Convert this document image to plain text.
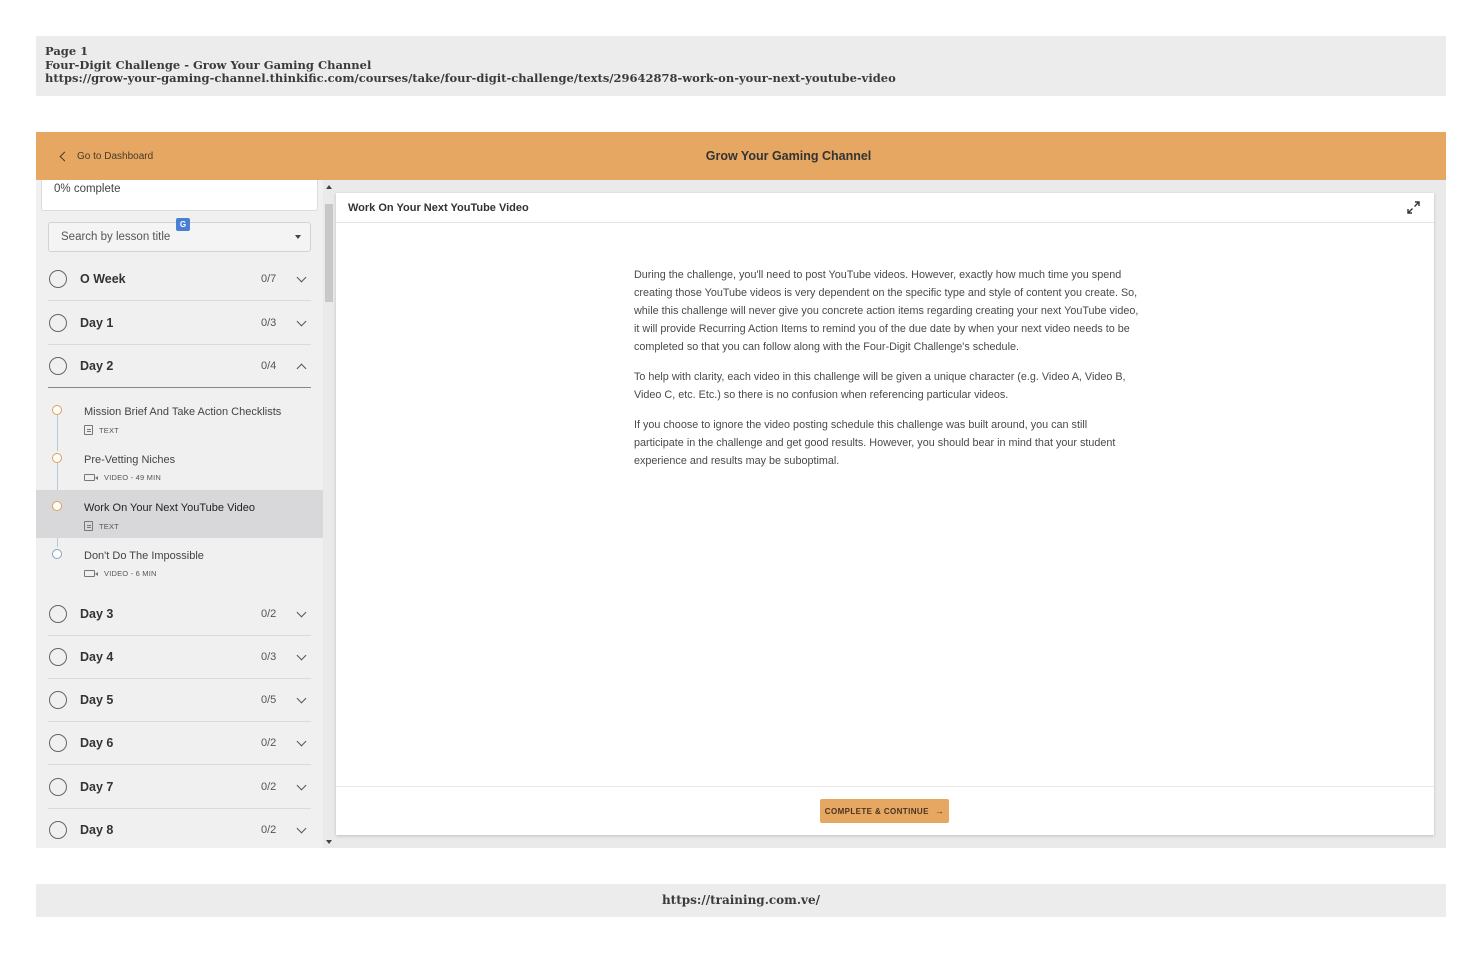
Page 1
Four-Digit Challenge - Grow Your Gaming Channel
https://grow-your-gaming-channel.thinkific.com/courses/take/four-digit-challenge/texts/29642878-work-on-your-next-youtube-video
Go to Dashboard	Grow Your Gaming Channel
0% complete
Search by lesson title
G
O Week	0/7
Day 1	0/3
Day 2	0/4
Mission Brief And Take Action Checklists
TEXT
Pre-Vetting Niches
VIDEO - 49 MIN
Work On Your Next YouTube Video
TEXT
Don't Do The Impossible
VIDEO - 6 MIN
Day 3	0/2
Day 4	0/3
Day 5	0/5
Day 6	0/2
Day 7	0/2
Day 8	0/2
Work On Your Next YouTube Video

During the challenge, you'll need to post YouTube videos. However, exactly how much time you spend creating those YouTube videos is very dependent on the specific type and style of content you create. So, while this challenge will never give you concrete action items regarding creating your next YouTube video, it will provide Recurring Action Items to remind you of the due date by when your next video needs to be completed so that you can follow along with the Four-Digit Challenge's schedule.

To help with clarity, each video in this challenge will be given a unique character (e.g. Video A, Video B, Video C, etc. Etc.) so there is no confusion when referencing particular videos.

If you choose to ignore the video posting schedule this challenge was built around, you can still participate in the challenge and get good results. However, you should bear in mind that your student experience and results may be suboptimal.

COMPLETE & CONTINUE →
https://training.com.ve/
